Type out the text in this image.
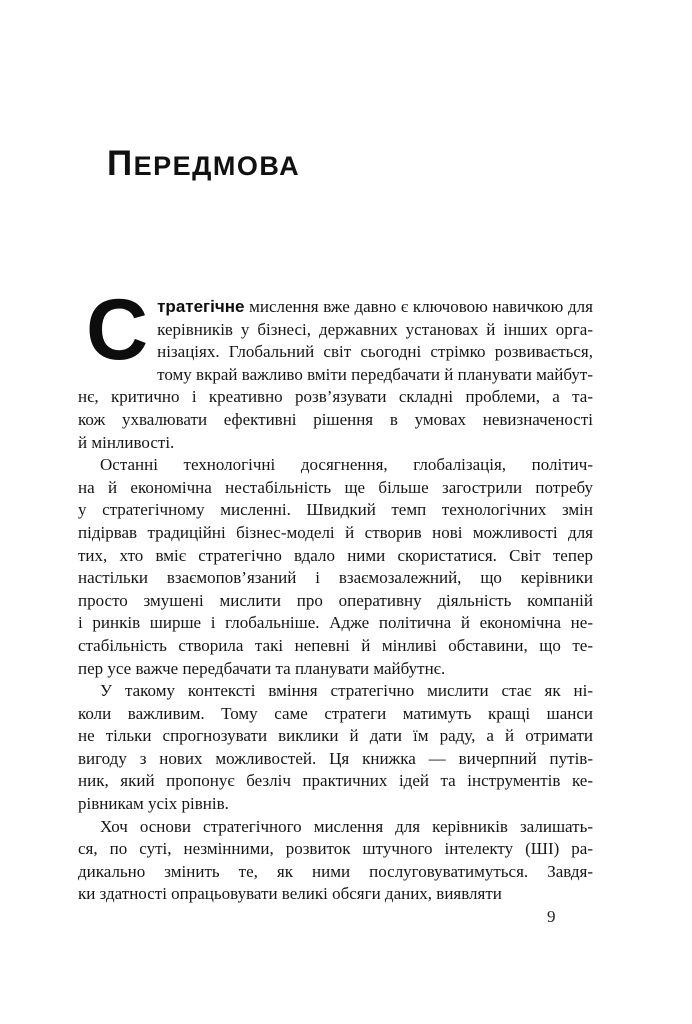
ПЕРЕДМОВА
С тратегічне мислення вже давно є ключовою навичкою для
керівників у бізнесі, державних установах й інших орга-
нізаціях. Глобальний світ сьогодні стрімко розвивається,
тому вкрай важливо вміти передбачати й планувати майбут-
нє, критично і креативно розв’язувати складні проблеми, а та-
кож ухвалювати ефективні рішення в умовах невизначеності
й мінливості.
Останні технологічні досягнення, глобалізація, політич-
на й економічна нестабільність ще більше загострили потребу
у стратегічному мисленні. Швидкий темп технологічних змін
підірвав традиційні бізнес-моделі й створив нові можливості для
тих, хто вміє стратегічно вдало ними скористатися. Світ тепер
настільки взаємопов’язаний і взаємозалежний, що керівники
просто змушені мислити про оперативну діяльність компаній
і ринків ширше і глобальніше. Адже політична й економічна не-
стабільність створила такі непевні й мінливі обставини, що те-
пер усе важче передбачати та планувати майбутнє.
У такому контексті вміння стратегічно мислити стає як ні-
коли важливим. Тому саме стратеги матимуть кращі шанси
не тільки спрогнозувати виклики й дати їм раду, а й отримати
вигоду з нових можливостей. Ця книжка — вичерпний путів-
ник, який пропонує безліч практичних ідей та інструментів ке-
рівникам усіх рівнів.
Хоч основи стратегічного мислення для керівників залишать-
ся, по суті, незмінними, розвиток штучного інтелекту (ШІ) ра-
дикально змінить те, як ними послуговуватимуться. Завдя-
ки здатності опрацьовувати великі обсяги даних, виявляти
9
